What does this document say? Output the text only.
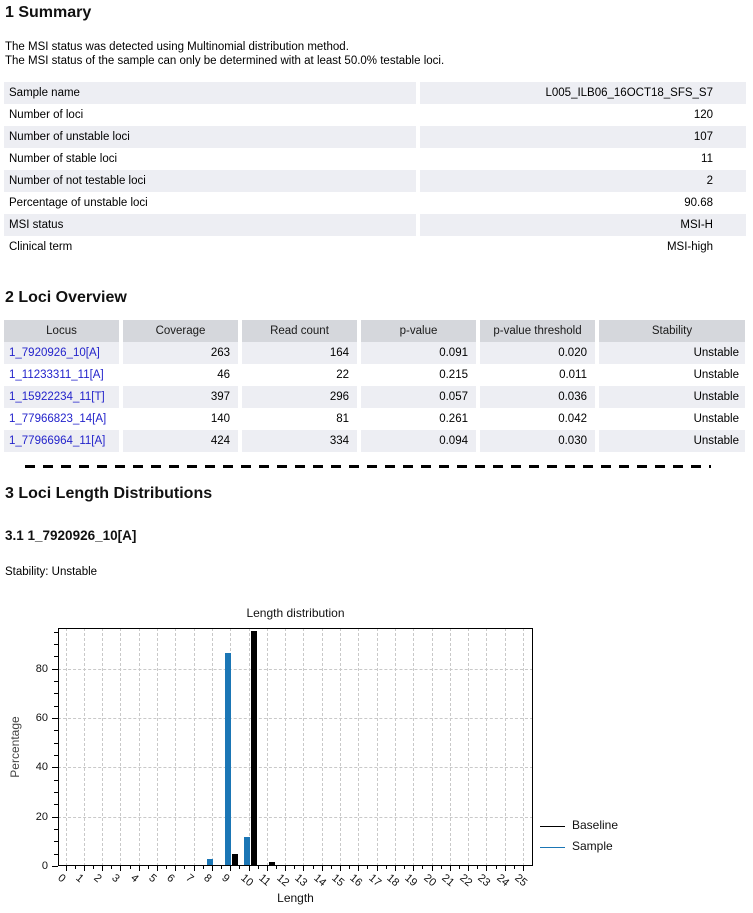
1 Summary
The MSI status was detected using Multinomial distribution method.
The MSI status of the sample can only be determined with at least 50.0% testable loci.
Sample name	L005_ILB06_16OCT18_SFS_S7
Number of loci	120
Number of unstable loci	107
Number of stable loci	11
Number of not testable loci	2
Percentage of unstable loci	90.68
MSI status	MSI-H
Clinical term	MSI-high
2 Loci Overview
Locus	Coverage	Read count	p-value	p-value threshold	Stability
1_7920926_10[A]	263	164	0.091	0.020	Unstable
1_11233311_11[A]	46	22	0.215	0.011	Unstable
1_15922234_11[T]	397	296	0.057	0.036	Unstable
1_77966823_14[A]	140	81	0.261	0.042	Unstable
1_77966964_11[A]	424	334	0.094	0.030	Unstable
3 Loci Length Distributions
3.1 1_7920926_10[A]
Stability: Unstable
Length distribution
Percentage
0
20
40
60
80
0 1 2 3 4 5 6 7 8 9 10 11 12 13 14 15 16 17 18 19 20 21 22 23 24 25
Length
Baseline
Sample
